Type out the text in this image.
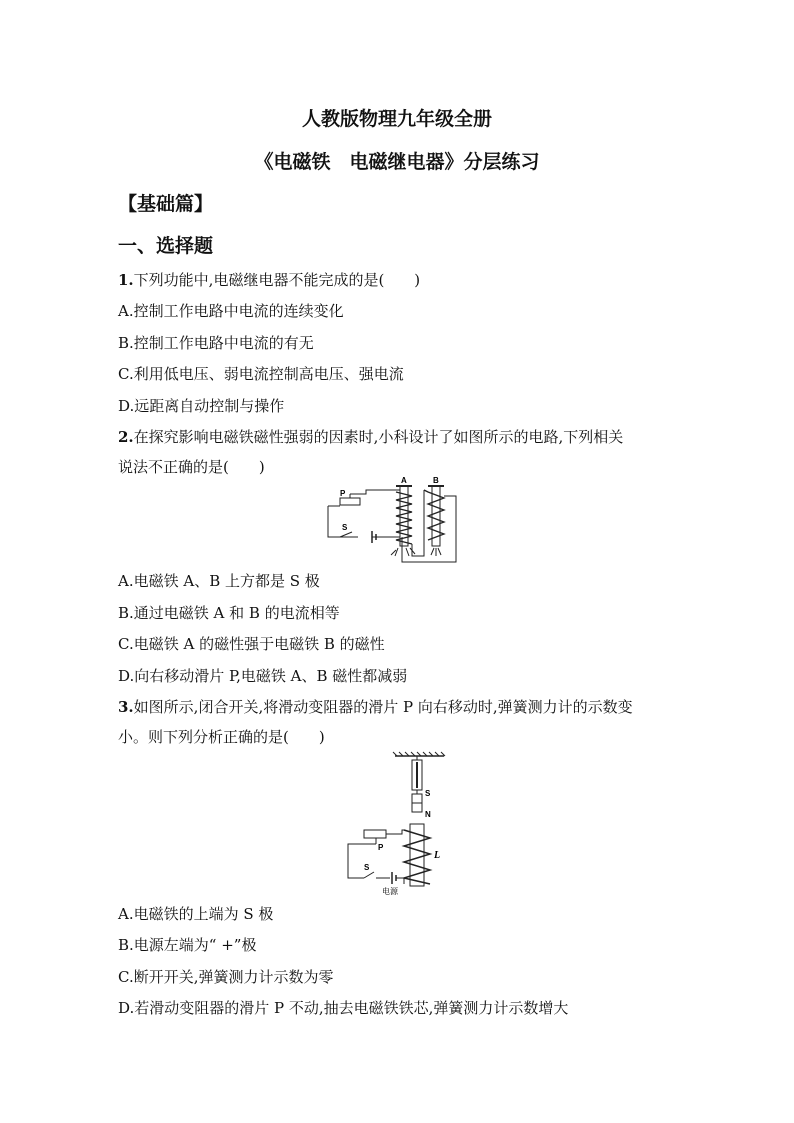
人教版物理九年级全册
《电磁铁　电磁继电器》分层练习
【基础篇】
一、选择题
1.下列功能中,电磁继电器不能完成的是(　　)
A.控制工作电路中电流的连续变化
B.控制工作电路中电流的有无
C.利用低电压、弱电流控制高电压、强电流
D.远距离自动控制与操作
2.在探究影响电磁铁磁性强弱的因素时,小科设计了如图所示的电路,下列相关
说法不正确的是(　　)
P
S
A	B
A.电磁铁 A、B 上方都是 S 极
B.通过电磁铁 A 和 B 的电流相等
C.电磁铁 A 的磁性强于电磁铁 B 的磁性
D.向右移动滑片 P,电磁铁 A、B 磁性都减弱
3.如图所示,闭合开关,将滑动变阻器的滑片 P 向右移动时,弹簧测力计的示数变
小。则下列分析正确的是(　　)
S
N
P
L
S
电源
A.电磁铁的上端为 S 极
B.电源左端为“ +”极
C.断开开关,弹簧测力计示数为零
D.若滑动变阻器的滑片 P 不动,抽去电磁铁铁芯,弹簧测力计示数增大
